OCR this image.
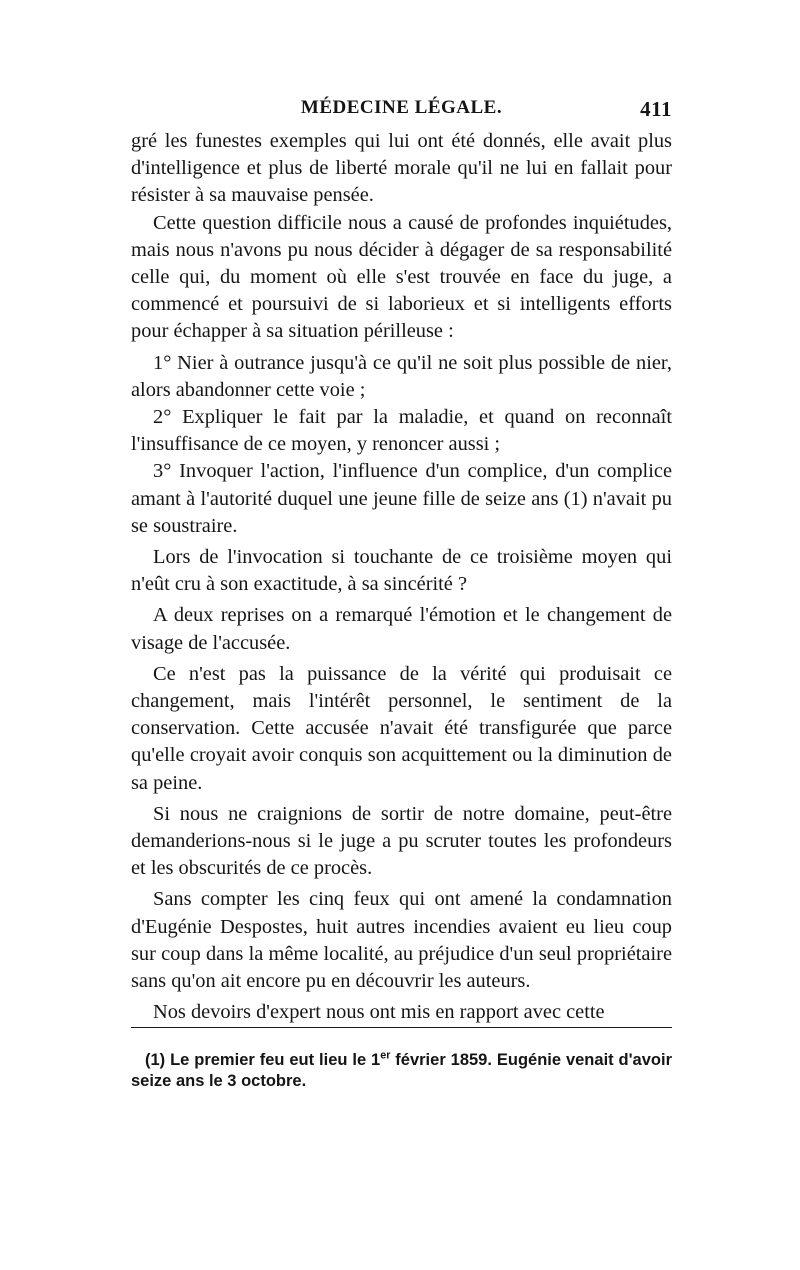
MÉDECINE LÉGALE.	411

gré les funestes exemples qui lui ont été donnés, elle avait plus d'intelligence et plus de liberté morale qu'il ne lui en fallait pour résister à sa mauvaise pensée.

Cette question difficile nous a causé de profondes inquiétudes, mais nous n'avons pu nous décider à dégager de sa responsabilité celle qui, du moment où elle s'est trouvée en face du juge, a commencé et poursuivi de si laborieux et si intelligents efforts pour échapper à sa situation périlleuse :

1° Nier à outrance jusqu'à ce qu'il ne soit plus possible de nier, alors abandonner cette voie ;

2° Expliquer le fait par la maladie, et quand on reconnaît l'insuffisance de ce moyen, y renoncer aussi ;

3° Invoquer l'action, l'influence d'un complice, d'un complice amant à l'autorité duquel une jeune fille de seize ans (1) n'avait pu se soustraire.

Lors de l'invocation si touchante de ce troisième moyen qui n'eût cru à son exactitude, à sa sincérité ?

A deux reprises on a remarqué l'émotion et le changement de visage de l'accusée.

Ce n'est pas la puissance de la vérité qui produisait ce changement, mais l'intérêt personnel, le sentiment de la conservation. Cette accusée n'avait été transfigurée que parce qu'elle croyait avoir conquis son acquittement ou la diminution de sa peine.

Si nous ne craignions de sortir de notre domaine, peut-être demanderions-nous si le juge a pu scruter toutes les profondeurs et les obscurités de ce procès.

Sans compter les cinq feux qui ont amené la condamnation d'Eugénie Despostes, huit autres incendies avaient eu lieu coup sur coup dans la même localité, au préjudice d'un seul propriétaire sans qu'on ait encore pu en découvrir les auteurs.

Nos devoirs d'expert nous ont mis en rapport avec cette

(1) Le premier feu eut lieu le 1er février 1859. Eugénie venait d'avoir seize ans le 3 octobre.
